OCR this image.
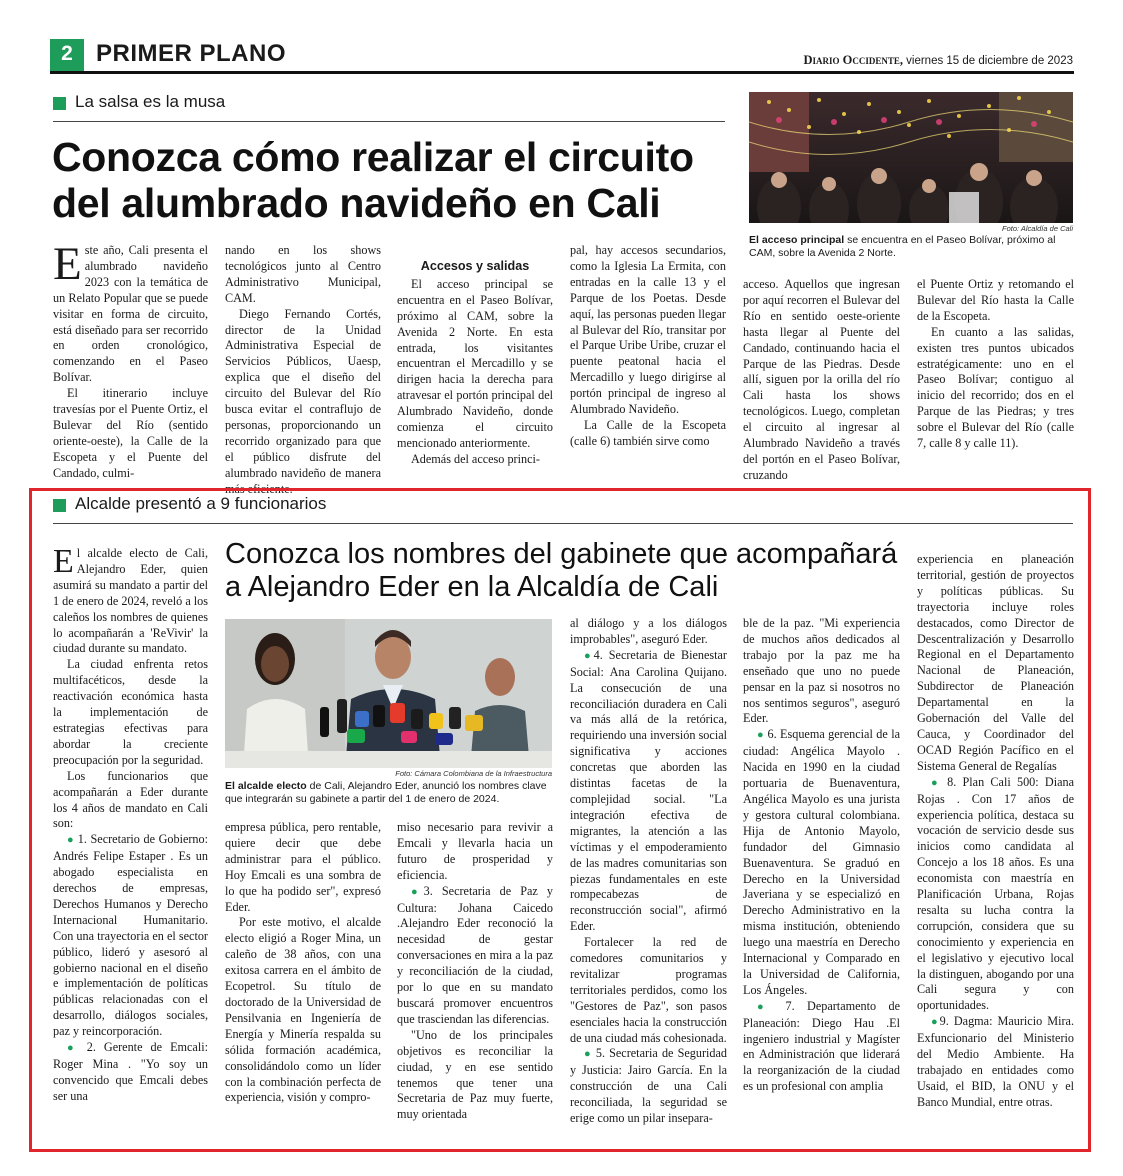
2 PRIMER PLANO	Diario Occidente, viernes 15 de diciembre de 2023
La salsa es la musa
Conozca cómo realizar el circuito
del alumbrado navideño en Cali
Foto: Alcaldía de Cali
El acceso principal se encuentra en el Paseo Bolívar, próximo al CAM, sobre la Avenida 2 Norte.

Este año, Cali presenta el alumbrado navideño 2023 con la temática de un Relato Popular que se puede visitar en forma de circuito, está diseñado para ser recorrido en orden cronológico, comenzando en el Paseo Bolívar.

El itinerario incluye travesías por el Puente Ortiz, el Bulevar del Río (sentido oriente-oeste), la Calle de la Escopeta y el Puente del Candado, culmi-

nando en los shows tecnológicos junto al Centro Administrativo Municipal, CAM.

Diego Fernando Cortés, director de la Unidad Administrativa Especial de Servicios Públicos, Uaesp, explica que el diseño del circuito del Bulevar del Río busca evitar el contraflujo de personas, proporcionando un recorrido organizado para que el público disfrute del alumbrado navideño de manera más eficiente.

Accesos y salidas

El acceso principal se encuentra en el Paseo Bolívar, próximo al CAM, sobre la Avenida 2 Norte. En esta entrada, los visitantes encuentran el Mercadillo y se dirigen hacia la derecha para atravesar el portón principal del Alumbrado Navideño, donde comienza el circuito mencionado anteriormente.

Además del acceso princi-

pal, hay accesos secundarios, como la Iglesia La Ermita, con entradas en la calle 13 y el Parque de los Poetas. Desde aquí, las personas pueden llegar al Bulevar del Río, transitar por el Parque Uribe Uribe, cruzar el puente peatonal hacia el Mercadillo y luego dirigirse al portón principal de ingreso al Alumbrado Navideño.

La Calle de la Escopeta (calle 6) también sirve como

acceso. Aquellos que ingresan por aquí recorren el Bulevar del Río en sentido oeste-oriente hasta llegar al Puente del Candado, continuando hacia el Parque de las Piedras. Desde allí, siguen por la orilla del río Cali hasta los shows tecnológicos. Luego, completan el circuito al ingresar al Alumbrado Navideño a través del portón en el Paseo Bolívar, cruzando

el Puente Ortiz y retomando el Bulevar del Río hasta la Calle de la Escopeta.

En cuanto a las salidas, existen tres puntos ubicados estratégicamente: uno en el Paseo Bolívar; contiguo al inicio del recorrido; dos en el Parque de las Piedras; y tres sobre el Bulevar del Río (calle 7, calle 8 y calle 11).

Alcalde presentó a 9 funcionarios
Conozca los nombres del gabinete que acompañará
a Alejandro Eder en la Alcaldía de Cali
Foto: Cámara Colombiana de la Infraestructura
El alcalde electo de Cali, Alejandro Eder, anunció los nombres clave que integrarán su gabinete a partir del 1 de enero de 2024.

El alcalde electo de Cali, Alejandro Eder, quien asumirá su mandato a partir del 1 de enero de 2024, reveló a los caleños los nombres de quienes lo acompañarán a 'ReVivir' la ciudad durante su mandato.

La ciudad enfrenta retos multifacéticos, desde la reactivación económica hasta la implementación de estrategias efectivas para abordar la creciente preocupación por la seguridad.

Los funcionarios que acompañarán a Eder durante los 4 años de mandato en Cali son:

● 1. Secretario de Gobierno: Andrés Felipe Estaper . Es un abogado especialista en derechos de empresas, Derechos Humanos y Derecho Internacional Humanitario. Con una trayectoria en el sector público, lideró y asesoró al gobierno nacional en el diseño e implementación de políticas públicas relacionadas con el desarrollo, diálogos sociales, paz y reincorporación.

● 2. Gerente de Emcali: Roger Mina . "Yo soy un convencido que Emcali debes ser una

empresa pública, pero rentable, quiere decir que debe administrar para el público. Hoy Emcali es una sombra de lo que ha podido ser", expresó Eder.

Por este motivo, el alcalde electo eligió a Roger Mina, un caleño de 38 años, con una exitosa carrera en el ámbito de Ecopetrol. Su título de doctorado de la Universidad de Pensilvania en Ingeniería de Energía y Minería respalda su sólida formación académica, consolidándolo como un líder con la combinación perfecta de experiencia, visión y compro-

miso necesario para revivir a Emcali y llevarla hacia un futuro de prosperidad y eficiencia.

●3. Secretaria de Paz y Cultura: Johana Caicedo .Alejandro Eder reconoció la necesidad de gestar conversaciones en mira a la paz y reconciliación de la ciudad, por lo que en su mandato buscará promover encuentros que trasciendan las diferencias.

"Uno de los principales objetivos es reconciliar la ciudad, y en ese sentido tenemos que tener una Secretaria de Paz muy fuerte, muy orientada

al diálogo y a los diálogos improbables", aseguró Eder.

●4. Secretaria de Bienestar Social: Ana Carolina Quijano. La consecución de una reconciliación duradera en Cali va más allá de la retórica, requiriendo una inversión social significativa y acciones concretas que aborden las distintas facetas de la complejidad social. "La integración efectiva de migrantes, la atención a las víctimas y el empoderamiento de las madres comunitarias son piezas fundamentales en este rompecabezas de reconstrucción social", afirmó Eder.

Fortalecer la red de comedores comunitarios y revitalizar programas territoriales perdidos, como los "Gestores de Paz", son pasos esenciales hacia la construcción de una ciudad más cohesionada.

● 5. Secretaria de Seguridad y Justicia: Jairo García. En la construcción de una Cali reconciliada, la seguridad se erige como un pilar insepara-

ble de la paz. "Mi experiencia de muchos años dedicados al trabajo por la paz me ha enseñado que uno no puede pensar en la paz si nosotros no nos sentimos seguros", aseguró Eder.

● 6. Esquema gerencial de la ciudad: Angélica Mayolo . Nacida en 1990 en la ciudad portuaria de Buenaventura, Angélica Mayolo es una jurista y gestora cultural colombiana. Hija de Antonio Mayolo, fundador del Gimnasio Buenaventura. Se graduó en Derecho en la Universidad Javeriana y se especializó en Derecho Administrativo en la misma institución, obteniendo luego una maestría en Derecho Internacional y Comparado en la Universidad de California, Los Ángeles.

● 7. Departamento de Planeación: Diego Hau .El ingeniero industrial y Magíster en Administración que liderará la reorganización de la ciudad es un profesional con amplia

experiencia en planeación territorial, gestión de proyectos y políticas públicas. Su trayectoria incluye roles destacados, como Director de Descentralización y Desarrollo Regional en el Departamento Nacional de Planeación, Subdirector de Planeación Departamental en la Gobernación del Valle del Cauca, y Coordinador del OCAD Región Pacífico en el Sistema General de Regalías

● 8. Plan Cali 500: Diana Rojas . Con 17 años de experiencia política, destaca su vocación de servicio desde sus inicios como candidata al Concejo a los 18 años. Es una economista con maestría en Planificación Urbana, Rojas resalta su lucha contra la corrupción, considera que su conocimiento y experiencia en el legislativo y ejecutivo local la distinguen, abogando por una Cali segura y con oportunidades.

●9. Dagma: Mauricio Mira. Exfuncionario del Ministerio del Medio Ambiente. Ha trabajado en entidades como Usaid, el BID, la ONU y el Banco Mundial, entre otras.
